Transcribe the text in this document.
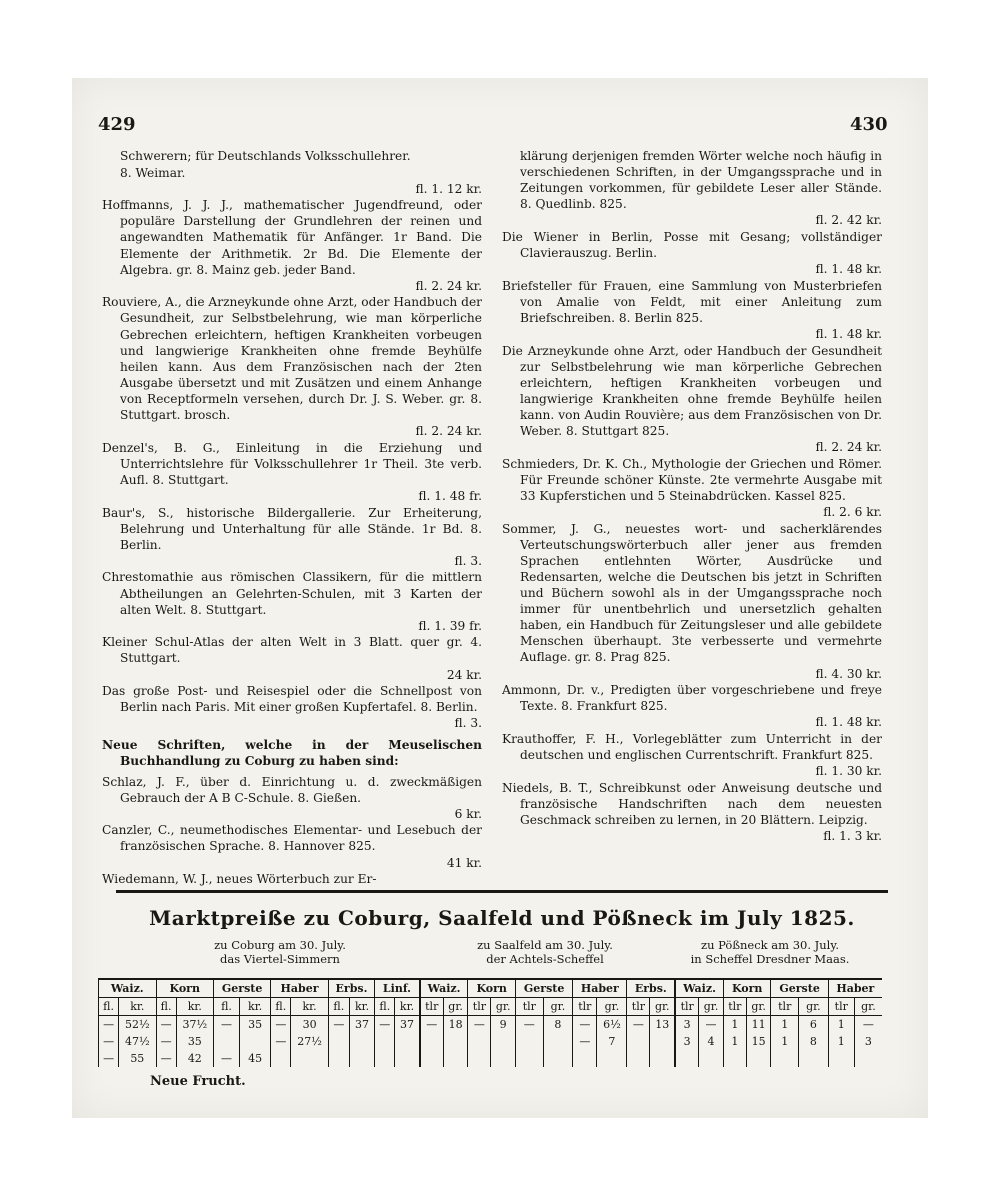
429	430

Schwerern; für Deutschlands Volksschullehrer.

8. Weimar.
fl. 1. 12 kr.

Hoffmanns, J. J. J., mathematischer Jugendfreund, oder populäre Darstellung der Grundlehren der reinen und angewandten Mathematik für Anfänger. 1r Band. Die Elemente der Arithmetik. 2r Bd. Die Elemente der Algebra. gr. 8. Mainz geb. jeder Band.
fl. 2. 24 kr.

Rouviere, A., die Arzneykunde ohne Arzt, oder Handbuch der Gesundheit, zur Selbstbelehrung, wie man körperliche Gebrechen erleichtern, heftigen Krankheiten vorbeugen und langwierige Krankheiten ohne fremde Beyhülfe heilen kann. Aus dem Französischen nach der 2ten Ausgabe übersetzt und mit Zusätzen und einem Anhange von Receptformeln versehen, durch Dr. J. S. Weber. gr. 8. Stuttgart. brosch.
fl. 2. 24 kr.

Denzel's, B. G., Einleitung in die Erziehung und Unterrichtslehre für Volksschullehrer 1r Theil. 3te verb. Aufl. 8. Stuttgart.
fl. 1. 48 fr.

Baur's, S., historische Bildergallerie. Zur Erheiterung, Belehrung und Unterhaltung für alle Stände. 1r Bd. 8. Berlin.
fl. 3.

Chrestomathie aus römischen Classikern, für die mittlern Abtheilungen an Gelehrten-Schulen, mit 3 Karten der alten Welt. 8. Stuttgart.
fl. 1. 39 fr.

Kleiner Schul-Atlas der alten Welt in 3 Blatt. quer gr. 4. Stuttgart.
24 kr.

Das große Post- und Reisespiel oder die Schnellpost von Berlin nach Paris. Mit einer großen Kupfertafel. 8. Berlin.
fl. 3.

Neue Schriften, welche in der Meuselischen Buchhandlung zu Coburg zu haben sind:

Schlaz, J. F., über d. Einrichtung u. d. zweckmäßigen Gebrauch der A B C-Schule. 8. Gießen.
6 kr.

Canzler, C., neumethodisches Elementar- und Lesebuch der französischen Sprache. 8. Hannover 825.
41 kr.

Wiedemann, W. J., neues Wörterbuch zur Er-

klärung derjenigen fremden Wörter welche noch häufig in verschiedenen Schriften, in der Umgangssprache und in Zeitungen vorkommen, für gebildete Leser aller Stände. 8. Quedlinb. 825.
fl. 2. 42 kr.

Die Wiener in Berlin, Posse mit Gesang; vollständiger Clavierauszug. Berlin.
fl. 1. 48 kr.

Briefsteller für Frauen, eine Sammlung von Musterbriefen von Amalie von Feldt, mit einer Anleitung zum Briefschreiben. 8. Berlin 825.
fl. 1. 48 kr.

Die Arzneykunde ohne Arzt, oder Handbuch der Gesundheit zur Selbstbelehrung wie man körperliche Gebrechen erleichtern, heftigen Krankheiten vorbeugen und langwierige Krankheiten ohne fremde Beyhülfe heilen kann. von Audin Rouvière; aus dem Französischen von Dr. Weber. 8. Stuttgart 825.
fl. 2. 24 kr.

Schmieders, Dr. K. Ch., Mythologie der Griechen und Römer. Für Freunde schöner Künste. 2te vermehrte Ausgabe mit 33 Kupferstichen und 5 Steinabdrücken. Kassel 825.
fl. 2. 6 kr.

Sommer, J. G., neuestes wort- und sacherklärendes Verteutschungswörterbuch aller jener aus fremden Sprachen entlehnten Wörter, Ausdrücke und Redensarten, welche die Deutschen bis jetzt in Schriften und Büchern sowohl als in der Umgangssprache noch immer für unentbehrlich und unersetzlich gehalten haben, ein Handbuch für Zeitungsleser und alle gebildete Menschen überhaupt. 3te verbesserte und vermehrte Auflage. gr. 8. Prag 825.
fl. 4. 30 kr.

Ammonn, Dr. v., Predigten über vorgeschriebene und freye Texte. 8. Frankfurt 825.
fl. 1. 48 kr.

Krauthoffer, F. H., Vorlegeblätter zum Unterricht in der deutschen und englischen Currentschrift. Frankfurt 825.
fl. 1. 30 kr.

Niedels, B. T., Schreibkunst oder Anweisung deutsche und französische Handschriften nach dem neuesten Geschmack schreiben zu lernen, in 20 Blättern. Leipzig.
fl. 1. 3 kr.

Marktpreiße zu Coburg, Saalfeld und Pößneck im July 1825.
zu Coburg am 30. July.
das Viertel-Simmern
zu Saalfeld am 30. July.
der Achtels-Scheffel
zu Pößneck am 30. July.
in Scheffel Dresdner Maas.
Waiz.		Korn		Gerste		Haber		Erbs.		Linf.		Waiz.		Korn		Gerste		Haber		Erbs.		Waiz.		Korn		Gerste		Haber	
fl.	kr.	fl.	kr.	fl.	kr.	fl.	kr.	fl.	kr.	fl.	kr.	tlr	gr.	tlr	gr.	tlr	gr.	tlr	gr.	tlr	gr.	tlr	gr.	tlr	gr.	tlr	gr.	tlr	gr.
—	52½	—	37½	—	35	—	30	—	37	—	37	—	18	—	9	—	8	—	6½	—	13	3	—	1	11	1	6	1	—
—	47½	—	35			—	27½											—	7			3	4	1	15	1	8	1	3
—	55	—	42	—	45																								
Neue Frucht.
